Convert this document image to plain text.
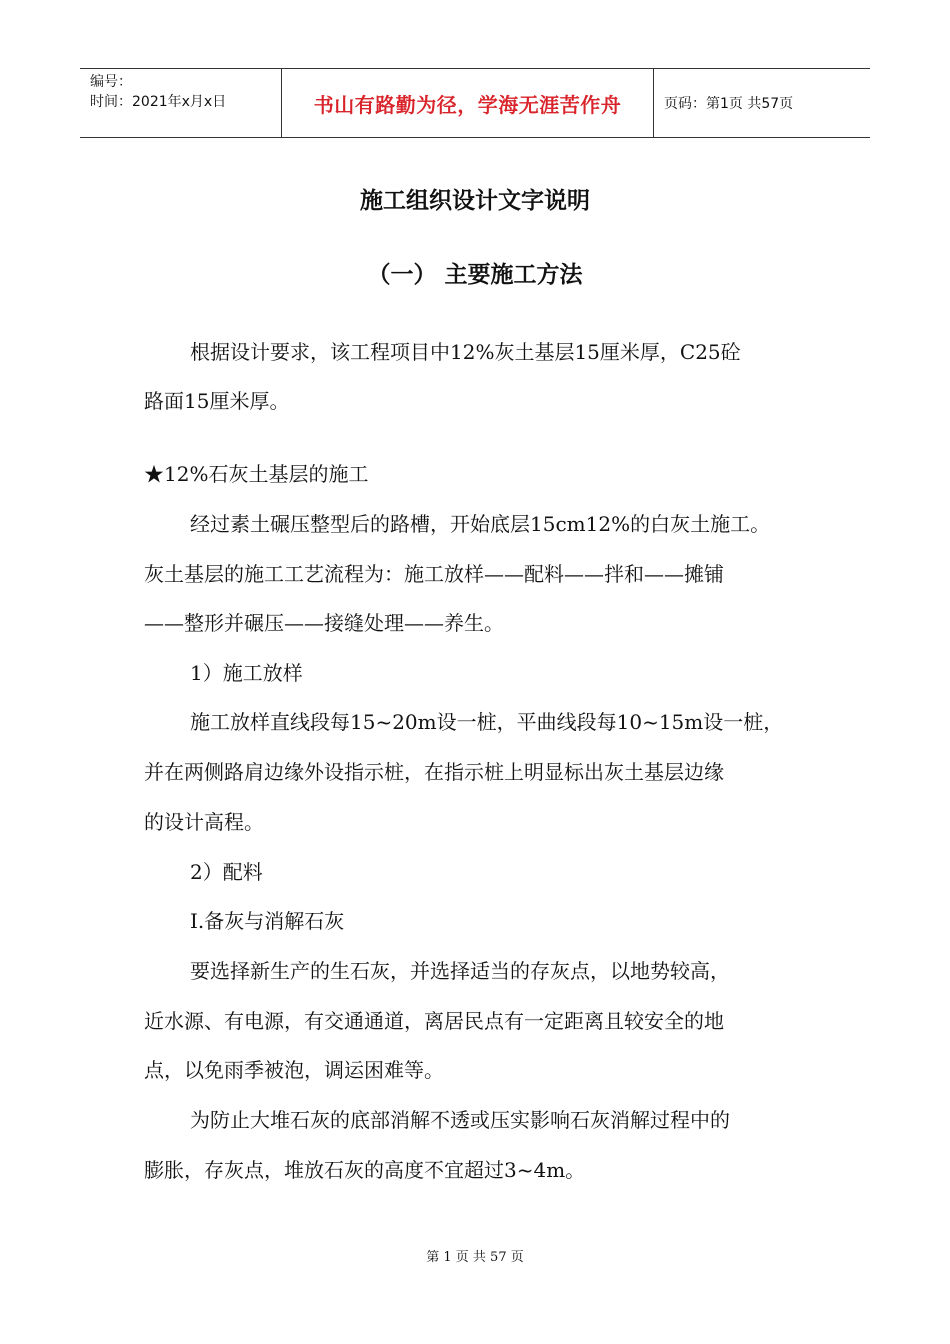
编号：
时间：2021年x月x日	书山有路勤为径，学海无涯苦作舟	页码：第1页 共57页
施工组织设计文字说明
（一） 主要施工方法
根据设计要求，该工程项目中12%灰土基层15厘米厚，C25砼
路面15厘米厚。
★12%石灰土基层的施工
经过素土碾压整型后的路槽，开始底层15cm12%的白灰土施工。
灰土基层的施工工艺流程为：施工放样——配料——拌和——摊铺
——整形并碾压——接缝处理——养生。
1）施工放样
施工放样直线段每15~20m设一桩，平曲线段每10~15m设一桩，
并在两侧路肩边缘外设指示桩，在指示桩上明显标出灰土基层边缘
的设计高程。
2）配料
Ⅰ.备灰与消解石灰
要选择新生产的生石灰，并选择适当的存灰点，以地势较高，
近水源、有电源，有交通通道，离居民点有一定距离且较安全的地
点，以免雨季被泡，调运困难等。
为防止大堆石灰的底部消解不透或压实影响石灰消解过程中的
膨胀，存灰点，堆放石灰的高度不宜超过3~4m。
第 1 页 共 57 页
